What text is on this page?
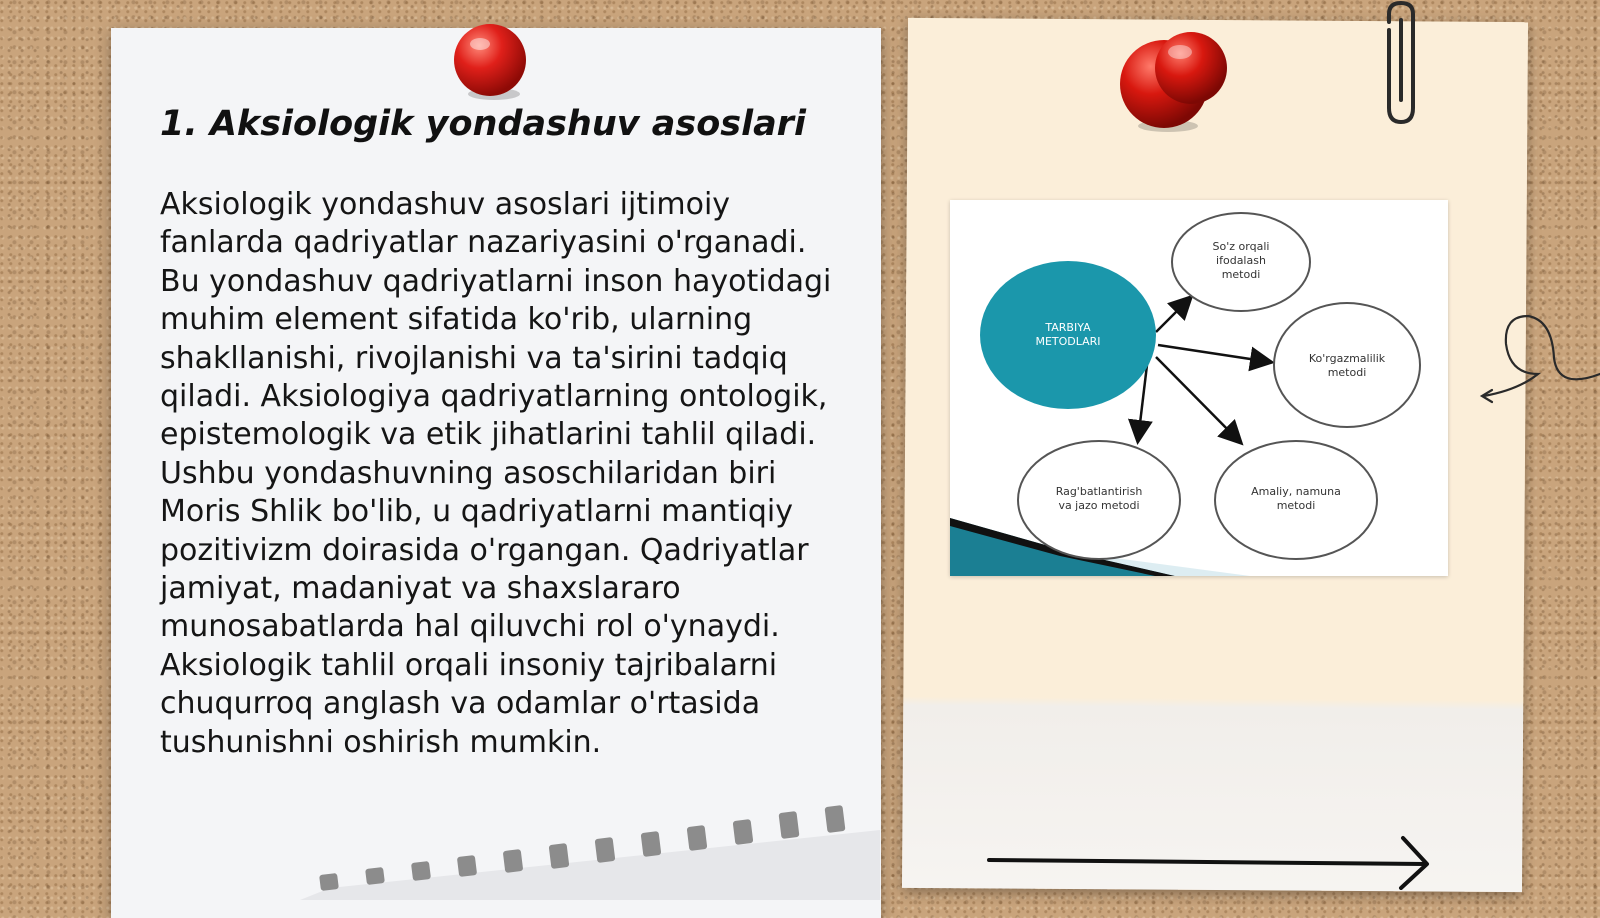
1. Aksiologik yondashuv asoslari

Aksiologik yondashuv asoslari ijtimoiy fanlarda qadriyatlar nazariyasini o'rganadi. Bu yondashuv qadriyatlarni inson hayotidagi muhim element sifatida ko'rib, ularning shakllanishi, rivojlanishi va ta'sirini tadqiq qiladi. Aksiologiya qadriyatlarning ontologik, epistemologik va etik jihatlarini tahlil qiladi. Ushbu yondashuvning asoschilaridan biri Moris Shlik bo'lib, u qadriyatlarni mantiqiy pozitivizm doirasida o'rgangan. Qadriyatlar jamiyat, madaniyat va shaxslararo munosabatlarda hal qiluvchi rol o'ynaydi. Aksiologik tahlil orqali insoniy tajribalarni chuqurroq anglash va odamlar o'rtasida tushunishni oshirish mumkin.

TARBIYA
METODLARI
So'z orqali
ifodalash
metodi
Ko'rgazmalilik
metodi
Rag'batlantirish
va jazo metodi
Amaliy, namuna
metodi
